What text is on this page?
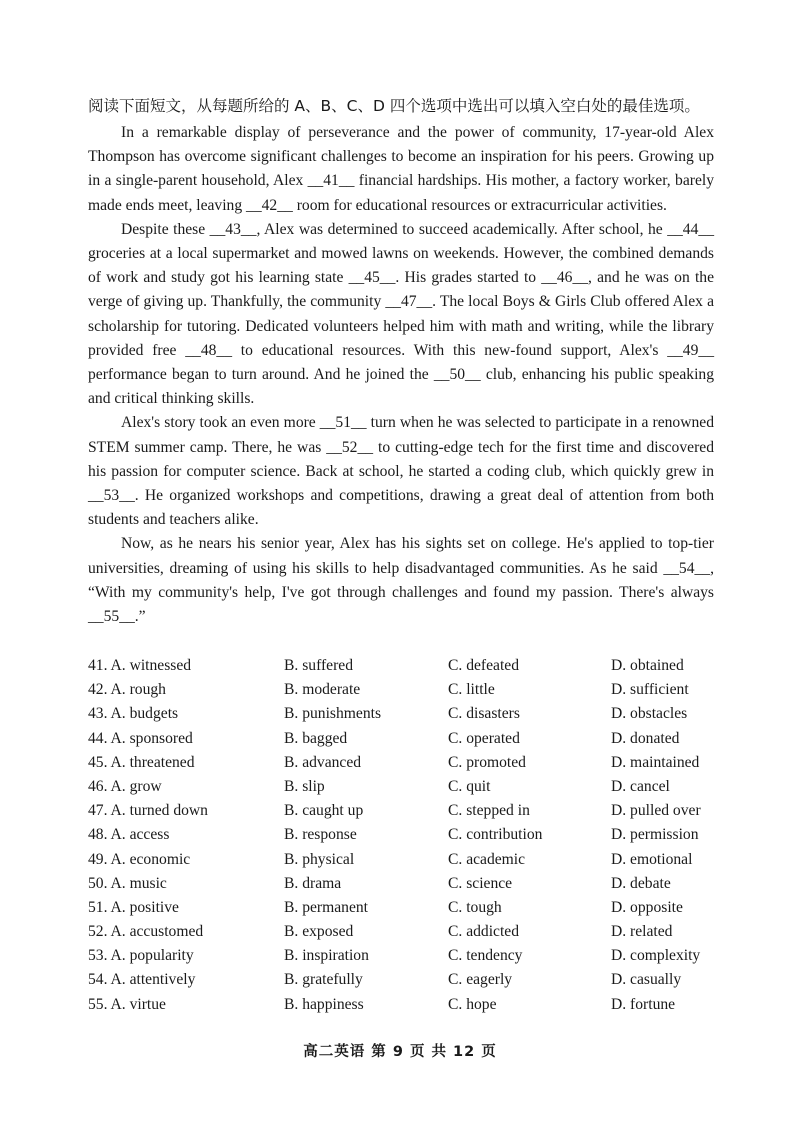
阅读下面短文，从每题所给的 A、B、C、D 四个选项中选出可以填入空白处的最佳选项。

In a remarkable display of perseverance and the power of community, 17-year-old Alex Thompson has overcome significant challenges to become an inspiration for his peers. Growing up in a single-parent household, Alex __41__ financial hardships. His mother, a factory worker, barely made ends meet, leaving __42__ room for educational resources or extracurricular activities.

Despite these __43__, Alex was determined to succeed academically. After school, he __44__ groceries at a local supermarket and mowed lawns on weekends. However, the combined demands of work and study got his learning state __45__. His grades started to __46__, and he was on the verge of giving up. Thankfully, the community __47__. The local Boys & Girls Club offered Alex a scholarship for tutoring. Dedicated volunteers helped him with math and writing, while the library provided free __48__ to educational resources. With this new-found support, Alex's __49__ performance began to turn around. And he joined the __50__ club, enhancing his public speaking and critical thinking skills.

Alex's story took an even more __51__ turn when he was selected to participate in a renowned STEM summer camp. There, he was __52__ to cutting-edge tech for the first time and discovered his passion for computer science. Back at school, he started a coding club, which quickly grew in __53__. He organized workshops and competitions, drawing a great deal of attention from both students and teachers alike.

Now, as he nears his senior year, Alex has his sights set on college. He's applied to top-tier universities, dreaming of using his skills to help disadvantaged communities. As he said __54__, “With my community's help, I've got through challenges and found my passion. There's always __55__.”

41. A. witnessed	B. suffered	C. defeated	D. obtained
42. A. rough	B. moderate	C. little	D. sufficient
43. A. budgets	B. punishments	C. disasters	D. obstacles
44. A. sponsored	B. bagged	C. operated	D. donated
45. A. threatened	B. advanced	C. promoted	D. maintained
46. A. grow	B. slip	C. quit	D. cancel
47. A. turned down	B. caught up	C. stepped in	D. pulled over
48. A. access	B. response	C. contribution	D. permission
49. A. economic	B. physical	C. academic	D. emotional
50. A. music	B. drama	C. science	D. debate
51. A. positive	B. permanent	C. tough	D. opposite
52. A. accustomed	B. exposed	C. addicted	D. related
53. A. popularity	B. inspiration	C. tendency	D. complexity
54. A. attentively	B. gratefully	C. eagerly	D. casually
55. A. virtue	B. happiness	C. hope	D. fortune
高二英语 第 9 页 共 12 页
